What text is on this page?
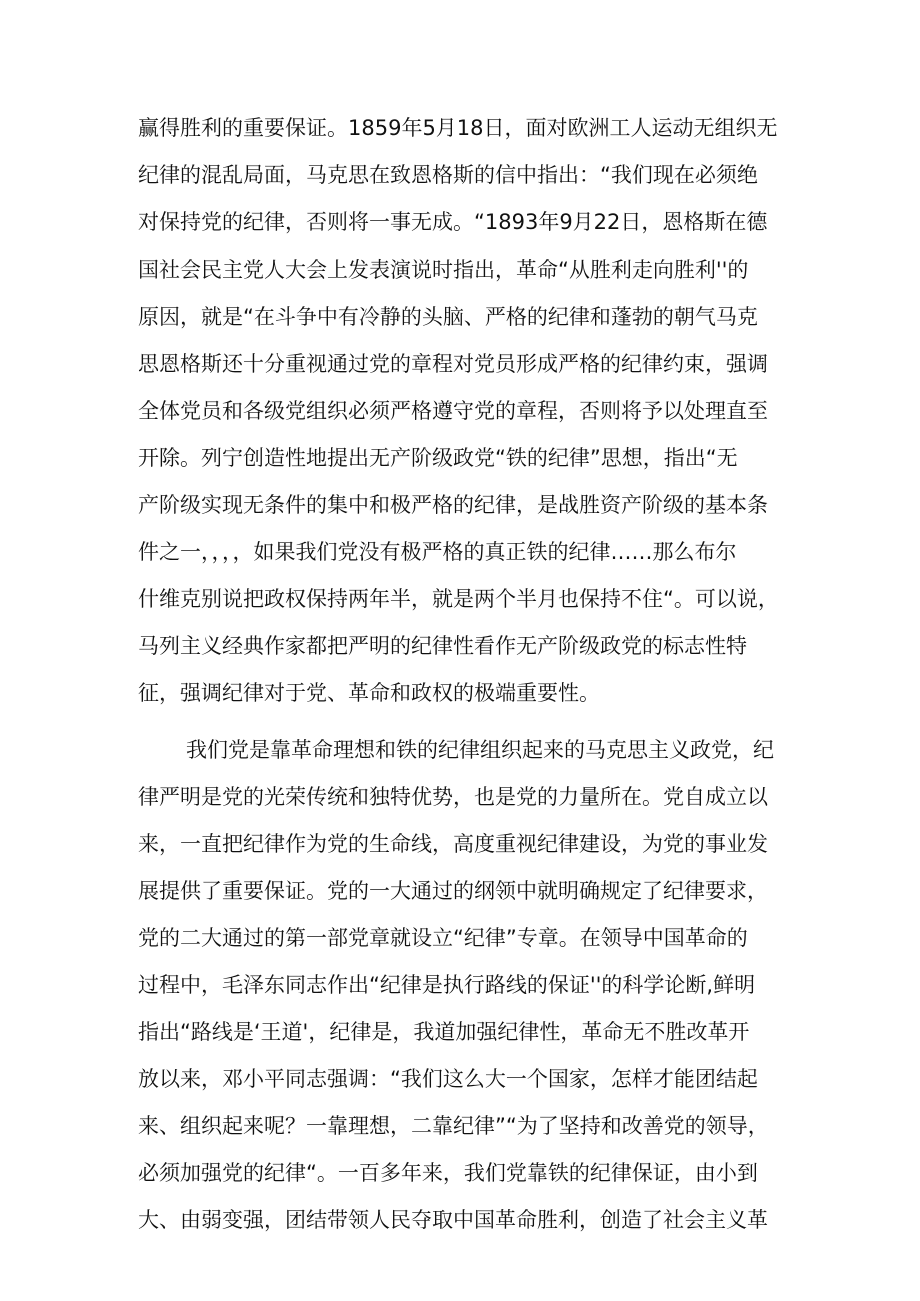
赢得胜利的重要保证。1859年5月18日，面对欧洲工人运动无组织无
纪律的混乱局面，马克思在致恩格斯的信中指出：“我们现在必须绝
对保持党的纪律，否则将一事无成。“1893年9月22日，恩格斯在德
国社会民主党人大会上发表演说时指出，革命“从胜利走向胜利''的
原因，就是“在斗争中有冷静的头脑、严格的纪律和蓬勃的朝气马克
思恩格斯还十分重视通过党的章程对党员形成严格的纪律约束，强调
全体党员和各级党组织必须严格遵守党的章程，否则将予以处理直至
开除。列宁创造性地提出无产阶级政党“铁的纪律”思想，指出“无
产阶级实现无条件的集中和极严格的纪律，是战胜资产阶级的基本条
件之一，，，，如果我们党没有极严格的真正铁的纪律……那么布尔
什维克别说把政权保持两年半，就是两个半月也保持不住“。可以说，
马列主义经典作家都把严明的纪律性看作无产阶级政党的标志性特
征，强调纪律对于党、革命和政权的极端重要性。
我们党是靠革命理想和铁的纪律组织起来的马克思主义政党，纪
律严明是党的光荣传统和独特优势，也是党的力量所在。党自成立以
来，一直把纪律作为党的生命线，高度重视纪律建设，为党的事业发
展提供了重要保证。党的一大通过的纲领中就明确规定了纪律要求，
党的二大通过的第一部党章就设立“纪律”专章。在领导中国革命的
过程中，毛泽东同志作出“纪律是执行路线的保证''的科学论断,鲜明
指出“路线是‘王道'，纪律是，我道加强纪律性，革命无不胜改革开
放以来，邓小平同志强调：“我们这么大一个国家，怎样才能团结起
来、组织起来呢？一靠理想，二靠纪律”“为了坚持和改善党的领导，
必须加强党的纪律“。一百多年来，我们党靠铁的纪律保证，由小到
大、由弱变强，团结带领人民夺取中国革命胜利，创造了社会主义革
